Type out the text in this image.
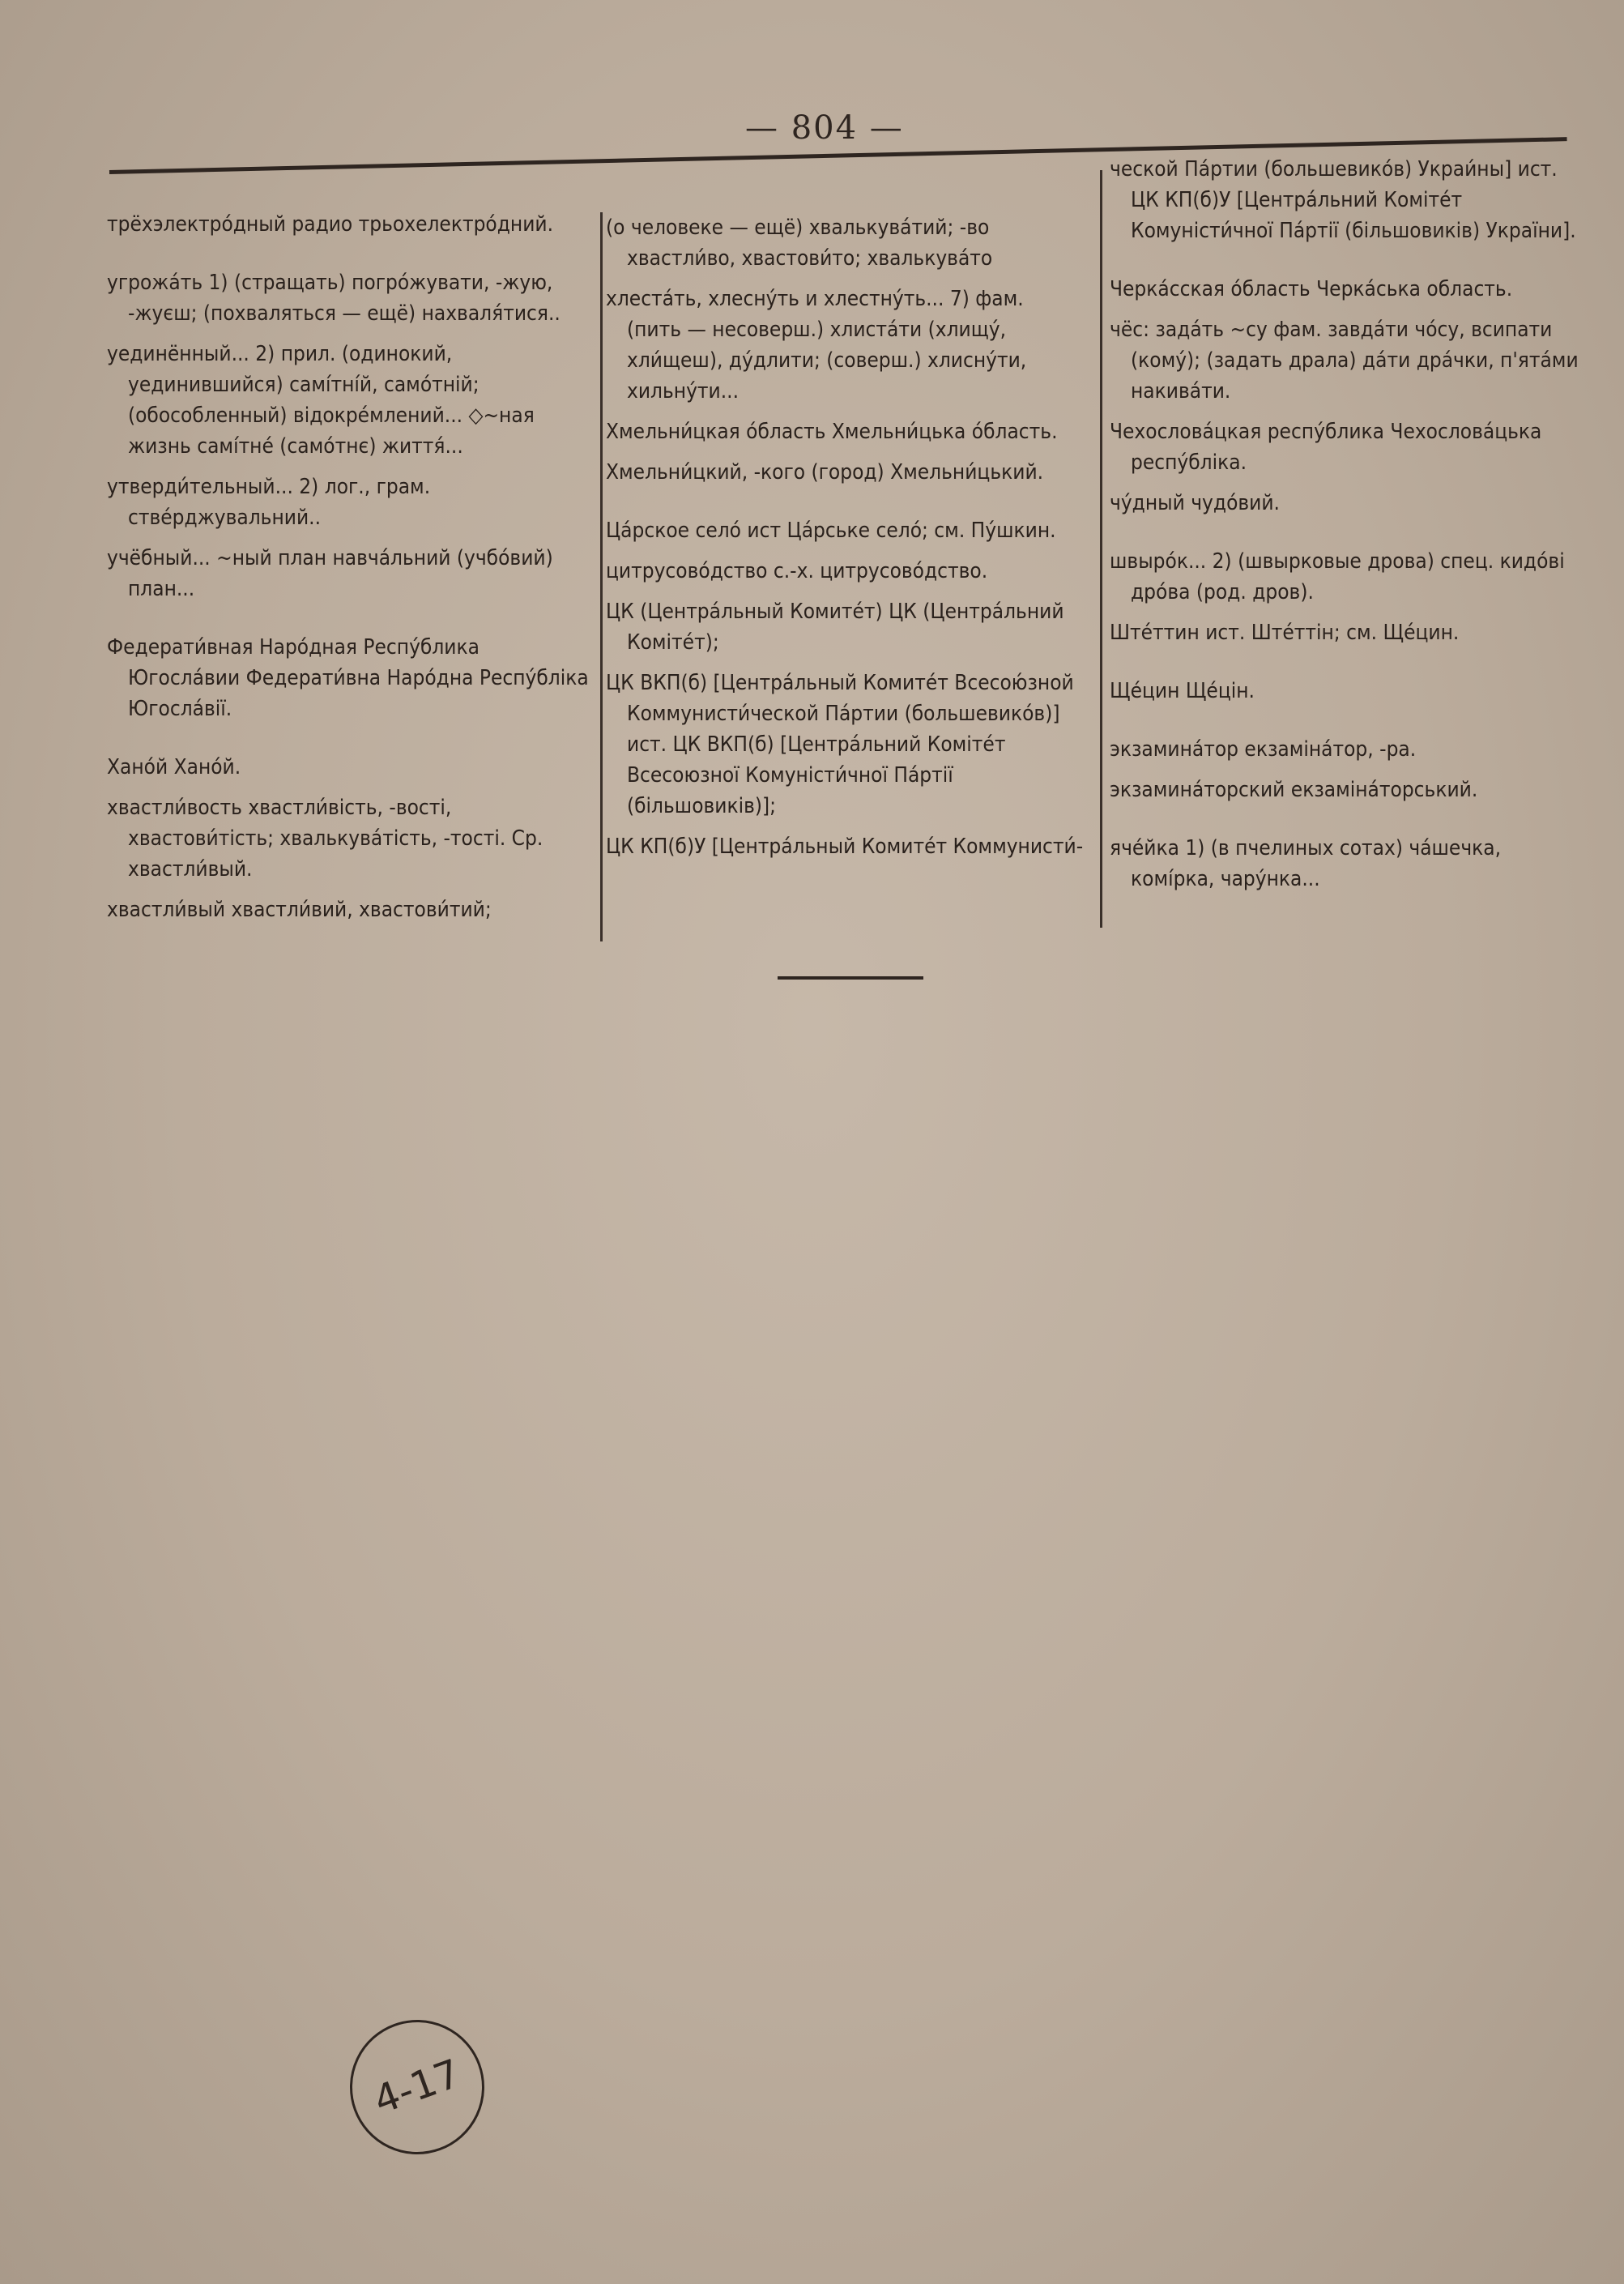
— 804 —

трёхэлектро́дный радио трьохелектро́дний.

угрожа́ть 1) (стращать) погро́жувати, -жую, -жуєш; (похваляться — ещё) нахваля́тися..

уединённый... 2) прил. (одинокий, уединившийся) самі́тні́й, само́тній; (обособленный) відокре́млений... ◇~ная жизнь самі́тне́ (само́тнє) життя́...

утверди́тельный... 2) лог., грам. стве́рджувальний..

учёбный... ~ный план навча́льний (учбо́вий) план...

Федерати́вная Наро́дная Респу́блика Югосла́вии Федерати́вна Наро́дна Респу́бліка Югосла́вії.

Хано́й Хано́й.

хвастли́вость хвастли́вість, -вості, хвастови́тість; хвалькува́тість, -тості. Ср. хвастли́вый.

хвастли́вый хвастли́вий, хвастови́тий;

(о человеке — ещё) хвалькува́тий; -во хвастли́во, хвастови́то; хвалькува́то

хлеста́ть, хлесну́ть и хлестну́ть... 7) фам. (пить — несоверш.) хлиста́ти (хлищу́, хли́щеш), ду́длити; (соверш.) хлисну́ти, хильну́ти...

Хмельни́цкая о́бласть Хмельни́цька о́бласть.

Хмельни́цкий, -кого (город) Хмельни́цький.

Ца́рское село́ ист Ца́рське село́; см. Пу́шкин.

цитрусово́дство с.-х. цитрусово́дство.

ЦК (Центра́льный Комите́т) ЦК (Центра́льний Коміте́т);

ЦК ВКП(б) [Центра́льный Комите́т Всесою́зной Коммунисти́ческой Па́ртии (большевико́в)] ист. ЦК ВКП(б) [Центра́льний Коміте́т Всесоюзної Комуністи́чної Па́ртії (більшовиків)];

ЦК КП(б)У [Центра́льный Комите́т Коммунисти́-

ческой Па́ртии (большевико́в) Украи́ны] ист. ЦК КП(б)У [Центра́льний Коміте́т Комуністи́чної Па́ртії (більшовиків) України].

Черка́сская о́бласть Черка́ська область.

чёс: зада́ть ~су фам. завда́ти чо́су, всипати (кому́); (задать драла) да́ти дра́чки, п'ята́ми накива́ти.

Чехослова́цкая респу́блика Чехослова́цька респу́бліка.

чу́дный чудо́вий.

швыро́к... 2) (швырковые дрова) спец. кидо́ві дро́ва (род. дров).

Ште́ттин ист. Ште́ттін; см. Ще́цин.

Ще́цин Ще́цін.

экзамина́тор екзаміна́тор, -ра.

экзамина́торский екзаміна́торський.

яче́йка 1) (в пчелиных сотах) ча́шечка, комі́рка, чару́нка...

4-17
